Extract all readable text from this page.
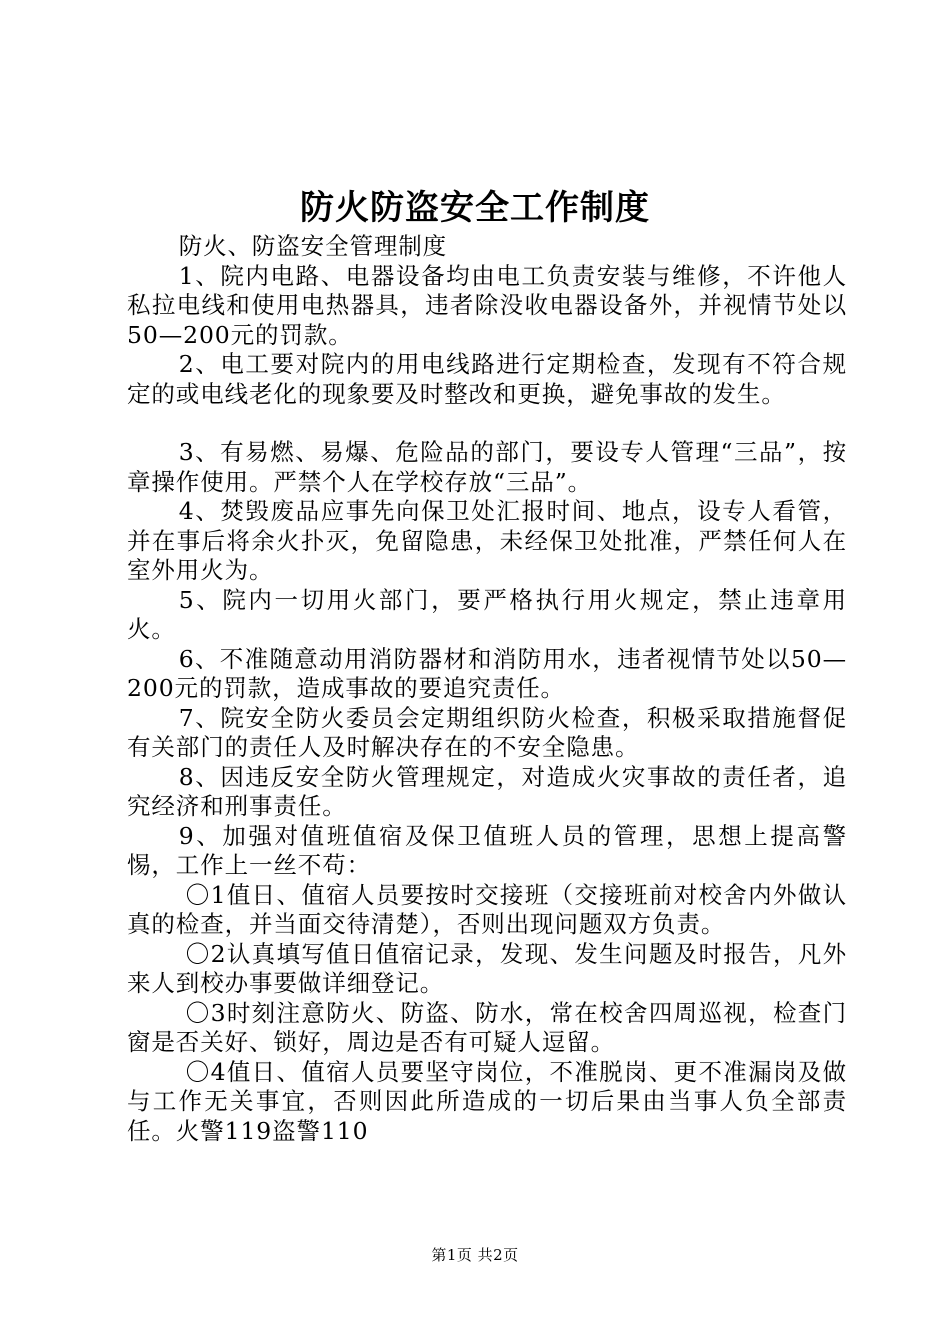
防火防盗安全工作制度

防火、防盗安全管理制度

1、院内电路、电器设备均由电工负责安装与维修，不许他人私拉电线和使用电热器具，违者除没收电器设备外，并视情节处以50—200元的罚款。

2、电工要对院内的用电线路进行定期检查，发现有不符合规定的或电线老化的现象要及时整改和更换，避免事故的发生。

3、有易燃、易爆、危险品的部门，要设专人管理“三品”，按章操作使用。严禁个人在学校存放“三品”。

4、焚毁废品应事先向保卫处汇报时间、地点，设专人看管，并在事后将余火扑灭，免留隐患，未经保卫处批准，严禁任何人在室外用火为。

5、院内一切用火部门，要严格执行用火规定，禁止违章用火。

6、不准随意动用消防器材和消防用水，违者视情节处以50—200元的罚款，造成事故的要追究责任。

7、院安全防火委员会定期组织防火检查，积极采取措施督促有关部门的责任人及时解决存在的不安全隐患。

8、因违反安全防火管理规定，对造成火灾事故的责任者，追究经济和刑事责任。

9、加强对值班值宿及保卫值班人员的管理，思想上提高警惕，工作上一丝不苟：

〇1值日、值宿人员要按时交接班（交接班前对校舍内外做认真的检查，并当面交待清楚），否则出现问题双方负责。

〇2认真填写值日值宿记录，发现、发生问题及时报告，凡外来人到校办事要做详细登记。

〇3时刻注意防火、防盗、防水，常在校舍四周巡视，检查门窗是否关好、锁好，周边是否有可疑人逗留。

〇4值日、值宿人员要坚守岗位，不准脱岗、更不准漏岗及做与工作无关事宜，否则因此所造成的一切后果由当事人负全部责任。火警119盗警110

第1页 共2页
